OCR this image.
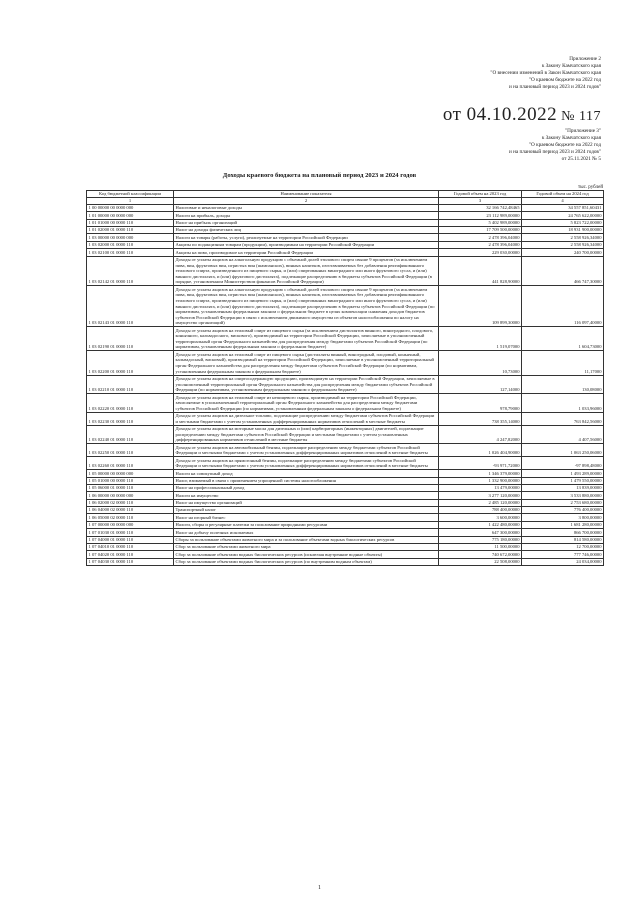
Приложение 2
к Закону Камчатского края
"О внесении изменений в Закон Камчатского края
"О краевом бюджете на 2022 год
и на плановый период 2023 и 2024 годов"
от 04.10.2022 № 117
"Приложение 3"
к Закону Камчатского края
"О краевом бюджете на 2022 год
и на плановый период 2023 и 2024 годов"
от 25.11.2021 № 5
Доходы краевого бюджета на плановый период 2023 и 2024 годов
тыс. рублей
Код бюджетной классификации	Наименование показателя	Годовой объем на 2023 год	Годовой объем на 2024 год
1	2	3	4
1 00 00000 00 0000 000	Налоговые и неналоговые доходы	32 166 742,48465	34 557 851,60431
1 01 00000 00 0000 000	Налоги на прибыль, доходы	23 112 989,00000	24 765 622,00000
1 01 01000 00 0000 110	Налог на прибыль организаций	5 402 989,00000	5 823 722,00000
1 01 02000 01 0000 110	Налог на доходы физических лиц	17 709 500,00000	18 931 900,00000
1 03 00000 00 0000 000	Налоги на товары (работы, услуги), реализуемые на территории Российской Федерации	2 478 396,04000	2 558 926,34000
1 03 02000 01 0000 110	Акцизы по подакцизным товарам (продукции), производимым на территории Российской Федерации	2 478 396,04000	2 558 926,34000
1 03 02100 01 0000 110	Акцизы на пиво, производимое на территории Российской Федерации	229 030,00000	240 700,00000
1 03 02142 01 0000 110	Доходы от уплаты акцизов на алкогольную продукцию с объемной долей этилового спирта свыше 9 процентов (за исключением пива, вин, фруктовых вин, игристых вин (шампанских), винных напитков, изготавливаемых без добавления ректификованного этилового спирта, произведенного из пищевого сырья, и (или) спиртованных виноградного или иного фруктового сусла, и (или) винного дистиллята, и (или) фруктового дистиллята), подлежащие распределению в бюджеты субъектов Российской Федерации (в порядке, установленном Министерством финансов Российской Федерации)	441 828,90000	466 747,30000
1 03 02143 01 0000 110	Доходы от уплаты акцизов на алкогольную продукцию с объемной долей этилового спирта свыше 9 процентов (за исключением пива, вин, фруктовых вин, игристых вин (шампанских), винных напитков, изготавливаемых без добавления ректификованного этилового спирта, произведенного из пищевого сырья, и (или) спиртованных виноградного или иного фруктового сусла, и (или) винного дистиллята, и (или) фруктового дистиллята), подлежащие распределению в бюджеты субъектов Российской Федерации (по нормативам, установленным федеральным законом о федеральном бюджете в целях компенсации снижения доходов бюджетов субъектов Российской Федерации в связи с исключением движимого имущества из объектов налогообложения по налогу на имущество организаций)	109 899,30000	116 097,40000
1 03 02190 01 0000 110	Доходы от уплаты акцизов на этиловый спирт из пищевого сырья (за исключением дистиллятов винного, виноградного, плодового, коньячного, кальвадосного, вискового), производимый на территории Российской Федерации, зачисляемые в уполномоченный территориальный орган Федерального казначейства для распределения между бюджетами субъектов Российской Федерации (по нормативам, установленным федеральным законом о федеральном бюджете)	1 519,07000	1 604,73000
1 03 02200 01 0000 110	Доходы от уплаты акцизов на этиловый спирт из пищевого сырья (дистилляты винный, виноградный, плодовый, коньячный, кальвадосный, висковый), производимый на территории Российской Федерации, зачисляемые в уполномоченный территориальный орган Федерального казначейства для распределения между бюджетами субъектов Российской Федерации (по нормативам, установленным федеральным законом о федеральном бюджете)	10,73000	11,17000
1 03 02210 01 0000 110	Доходы от уплаты акцизов на спиртосодержащую продукцию, производимую на территории Российской Федерации, зачисляемые в уполномоченный территориальный орган Федерального казначейства для распределения между бюджетами субъектов Российской Федерации (по нормативам, установленным федеральным законом о федеральном бюджете)	127,14000	130,08000
1 03 02220 01 0000 110	Доходы от уплаты акцизов на этиловый спирт из непищевого сырья, производимый на территории Российской Федерации, зачисляемые в уполномоченный территориальный орган Федерального казначейства для распределения между бюджетами субъектов Российской Федерации (по нормативам, установленным федеральным законом о федеральном бюджете)	978,79000	1 033,96000
1 03 02230 01 0000 110	Доходы от уплаты акцизов на дизельное топливо, подлежащие распределению между бюджетами субъектов Российской Федерации и местными бюджетами с учетом установленных дифференцированных нормативов отчислений в местные бюджеты	738 355,14000	763 842,56000
1 03 02240 01 0000 110	Доходы от уплаты акцизов на моторные масла для дизельных и (или) карбюраторных (инжекторных) двигателей, подлежащие распределению между бюджетами субъектов Российской Федерации и местными бюджетами с учетом установленных дифференцированных нормативов отчислений в местные бюджеты	4 247,82000	4 407,56000
1 03 02250 01 0000 110	Доходы от уплаты акцизов на автомобильный бензин, подлежащие распределению между бюджетами субъектов Российской Федерации и местными бюджетами с учетом установленных дифференцированных нормативов отчислений в местные бюджеты	1 026 404,90000	1 063 250,06000
1 03 02260 01 0000 110	Доходы от уплаты акцизов на прямогонный бензин, подлежащие распределению между бюджетами субъектов Российской Федерации и местными бюджетами с учетом установленных дифференцированных нормативов отчислений в местные бюджеты	-93 971,72000	-97 898,48000
1 05 00000 00 0000 000	Налоги на совокупный доход	1 346 379,00000	1 493 289,00000
1 05 01000 00 0000 110	Налог, взимаемый в связи с применением упрощенной системы налогообложения	1 332 900,00000	1 479 550,00000
1 05 06000 01 0000 110	Налог на профессиональный доход	13 479,00000	13 839,00000
1 06 00000 00 0000 000	Налоги на имущество	3 277 120,00000	3 533 880,00000
1 06 02000 02 0000 110	Налог на имущество организаций	2 485 120,00000	2 753 680,00000
1 06 04000 02 0000 110	Транспортный налог	788 400,00000	776 400,00000
1 06 05000 02 0000 110	Налог на игорный бизнес	3 600,00000	3 800,00000
1 07 00000 00 0000 000	Налоги, сборы и регулярные платежи за пользование природными ресурсами	1 422 480,00000	1 681 280,00000
1 07 01030 01 0000 110	Налог на добычу полезных ископаемых	647 300,00000	866 700,00000
1 07 04000 01 0000 110	Сборы за пользование объектами животного мира и за пользование объектами водных биологических ресурсов	775 180,00000	814 580,00000
1 07 04010 01 0000 110	Сбор за пользование объектами животного мира	11 500,00000	12 700,00000
1 07 04020 01 0000 110	Сбор за пользование объектами водных биологических ресурсов (исключая внутренние водные объекты)	740 672,00000	777 746,00000
1 07 04030 01 0000 110	Сбор за пользование объектами водных биологических ресурсов (по внутренним водным объектам)	22 508,00000	24 034,00000
1
